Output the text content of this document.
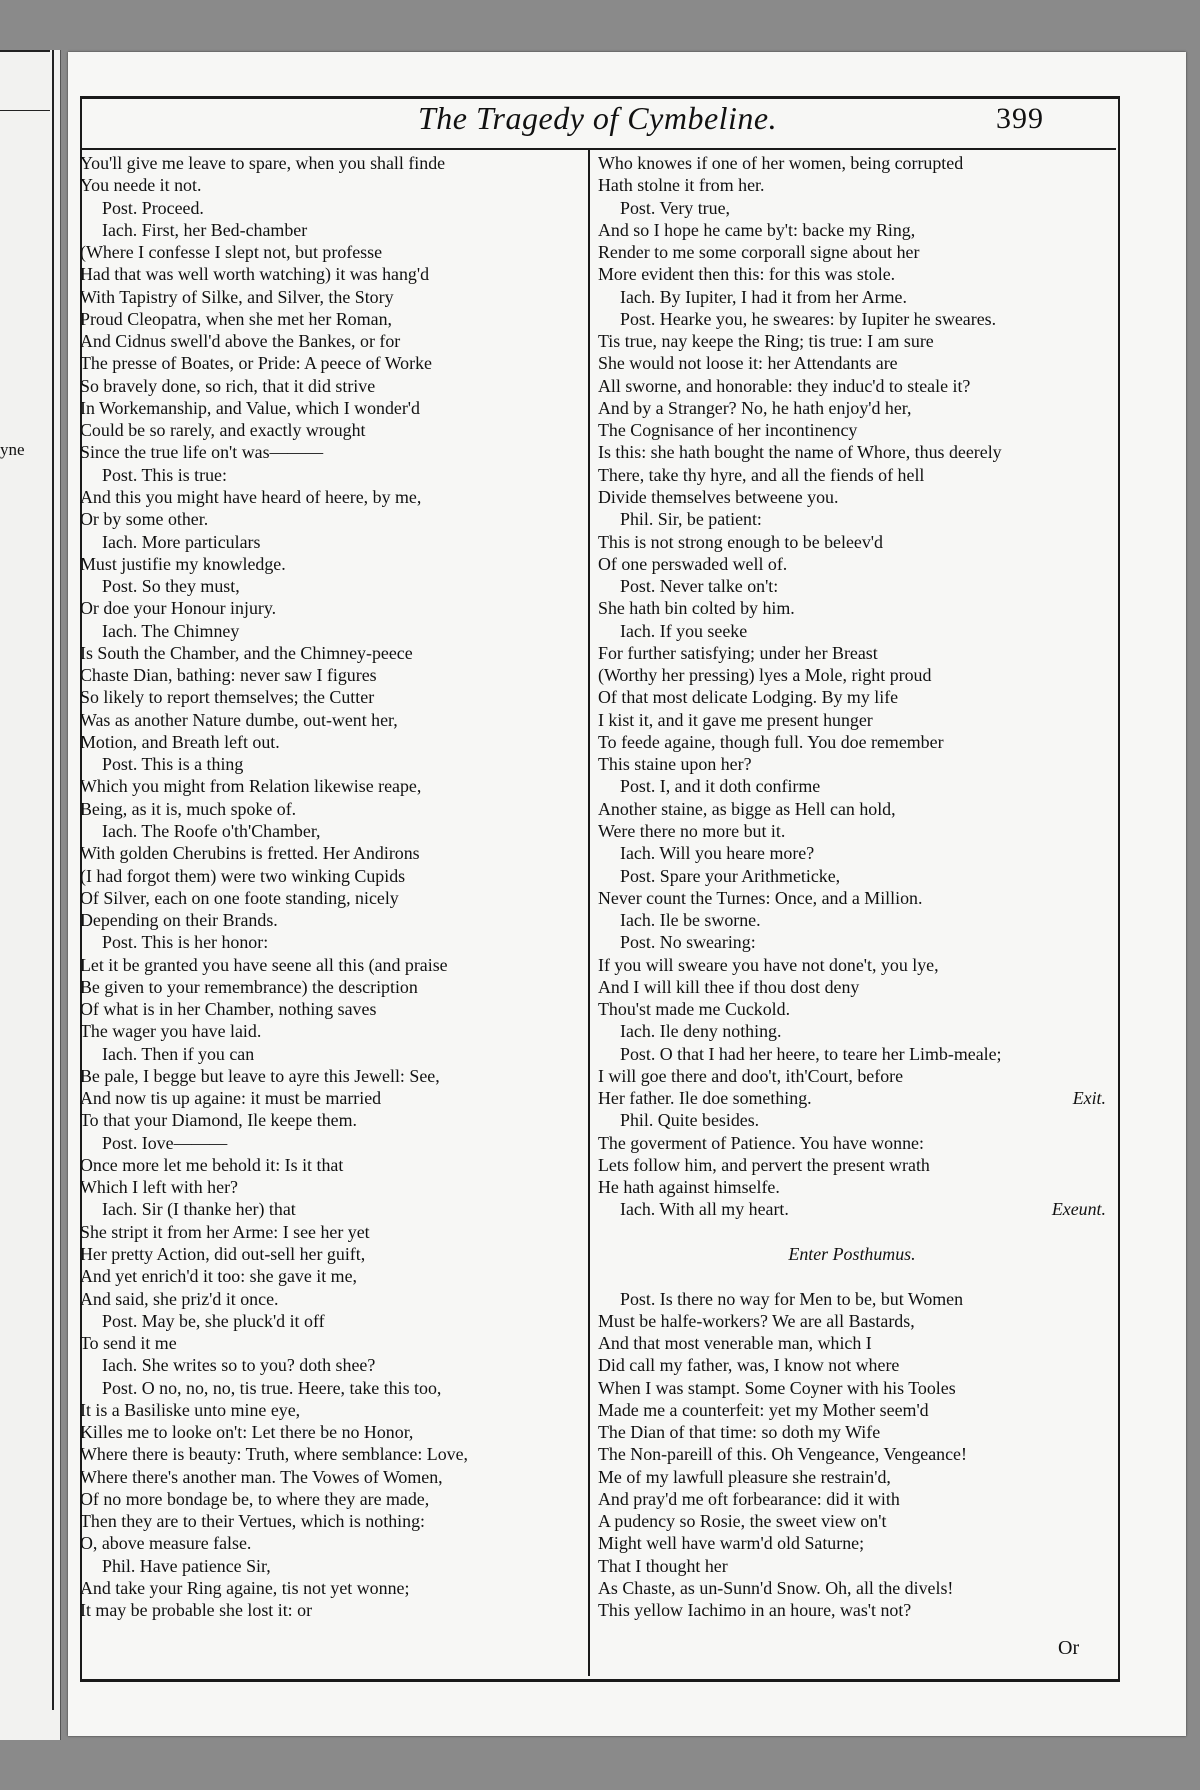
yne
The Tragedy of Cymbeline.	399
You'll give me leave to spare, when you shall finde
You neede it not.
Post. Proceed.
Iach. First, her Bed-chamber
(Where I confesse I slept not, but professe
Had that was well worth watching) it was hang'd
With Tapistry of Silke, and Silver, the Story
Proud Cleopatra, when she met her Roman,
And Cidnus swell'd above the Bankes, or for
The presse of Boates, or Pride: A peece of Worke
So bravely done, so rich, that it did strive
In Workemanship, and Value, which I wonder'd
Could be so rarely, and exactly wrought
Since the true life on't was———
Post. This is true:
And this you might have heard of heere, by me,
Or by some other.
Iach. More particulars
Must justifie my knowledge.
Post. So they must,
Or doe your Honour injury.
Iach. The Chimney
Is South the Chamber, and the Chimney-peece
Chaste Dian, bathing: never saw I figures
So likely to report themselves; the Cutter
Was as another Nature dumbe, out-went her,
Motion, and Breath left out.
Post. This is a thing
Which you might from Relation likewise reape,
Being, as it is, much spoke of.
Iach. The Roofe o'th'Chamber,
With golden Cherubins is fretted. Her Andirons
(I had forgot them) were two winking Cupids
Of Silver, each on one foote standing, nicely
Depending on their Brands.
Post. This is her honor:
Let it be granted you have seene all this (and praise
Be given to your remembrance) the description
Of what is in her Chamber, nothing saves
The wager you have laid.
Iach. Then if you can
Be pale, I begge but leave to ayre this Jewell: See,
And now tis up againe: it must be married
To that your Diamond, Ile keepe them.
Post. Iove———
Once more let me behold it: Is it that
Which I left with her?
Iach. Sir (I thanke her) that
She stript it from her Arme: I see her yet
Her pretty Action, did out-sell her guift,
And yet enrich'd it too: she gave it me,
And said, she priz'd it once.
Post. May be, she pluck'd it off
To send it me
Iach. She writes so to you? doth shee?
Post. O no, no, no, tis true. Heere, take this too,
It is a Basiliske unto mine eye,
Killes me to looke on't: Let there be no Honor,
Where there is beauty: Truth, where semblance: Love,
Where there's another man. The Vowes of Women,
Of no more bondage be, to where they are made,
Then they are to their Vertues, which is nothing:
O, above measure false.
Phil. Have patience Sir,
And take your Ring againe, tis not yet wonne;
It may be probable she lost it: or
Who knowes if one of her women, being corrupted
Hath stolne it from her.
Post. Very true,
And so I hope he came by't: backe my Ring,
Render to me some corporall signe about her
More evident then this: for this was stole.
Iach. By Iupiter, I had it from her Arme.
Post. Hearke you, he sweares: by Iupiter he sweares.
Tis true, nay keepe the Ring; tis true: I am sure
She would not loose it: her Attendants are
All sworne, and honorable: they induc'd to steale it?
And by a Stranger? No, he hath enjoy'd her,
The Cognisance of her incontinency
Is this: she hath bought the name of Whore, thus deerely
There, take thy hyre, and all the fiends of hell
Divide themselves betweene you.
Phil. Sir, be patient:
This is not strong enough to be beleev'd
Of one perswaded well of.
Post. Never talke on't:
She hath bin colted by him.
Iach. If you seeke
For further satisfying; under her Breast
(Worthy her pressing) lyes a Mole, right proud
Of that most delicate Lodging. By my life
I kist it, and it gave me present hunger
To feede againe, though full. You doe remember
This staine upon her?
Post. I, and it doth confirme
Another staine, as bigge as Hell can hold,
Were there no more but it.
Iach. Will you heare more?
Post. Spare your Arithmeticke,
Never count the Turnes: Once, and a Million.
Iach. Ile be sworne.
Post. No swearing:
If you will sweare you have not done't, you lye,
And I will kill thee if thou dost deny
Thou'st made me Cuckold.
Iach. Ile deny nothing.
Post. O that I had her heere, to teare her Limb-meale;
I will goe there and doo't, ith'Court, before
Her father. Ile doe something.	Exit.
Phil. Quite besides.
The goverment of Patience. You have wonne:
Lets follow him, and pervert the present wrath
He hath against himselfe.
Iach. With all my heart.	Exeunt.
Enter Posthumus.
Post. Is there no way for Men to be, but Women
Must be halfe-workers? We are all Bastards,
And that most venerable man, which I
Did call my father, was, I know not where
When I was stampt. Some Coyner with his Tooles
Made me a counterfeit: yet my Mother seem'd
The Dian of that time: so doth my Wife
The Non-pareill of this. Oh Vengeance, Vengeance!
Me of my lawfull pleasure she restrain'd,
And pray'd me oft forbearance: did it with
A pudency so Rosie, the sweet view on't
Might well have warm'd old Saturne;
That I thought her
As Chaste, as un-Sunn'd Snow. Oh, all the divels!
This yellow Iachimo in an houre, was't not?
Or
